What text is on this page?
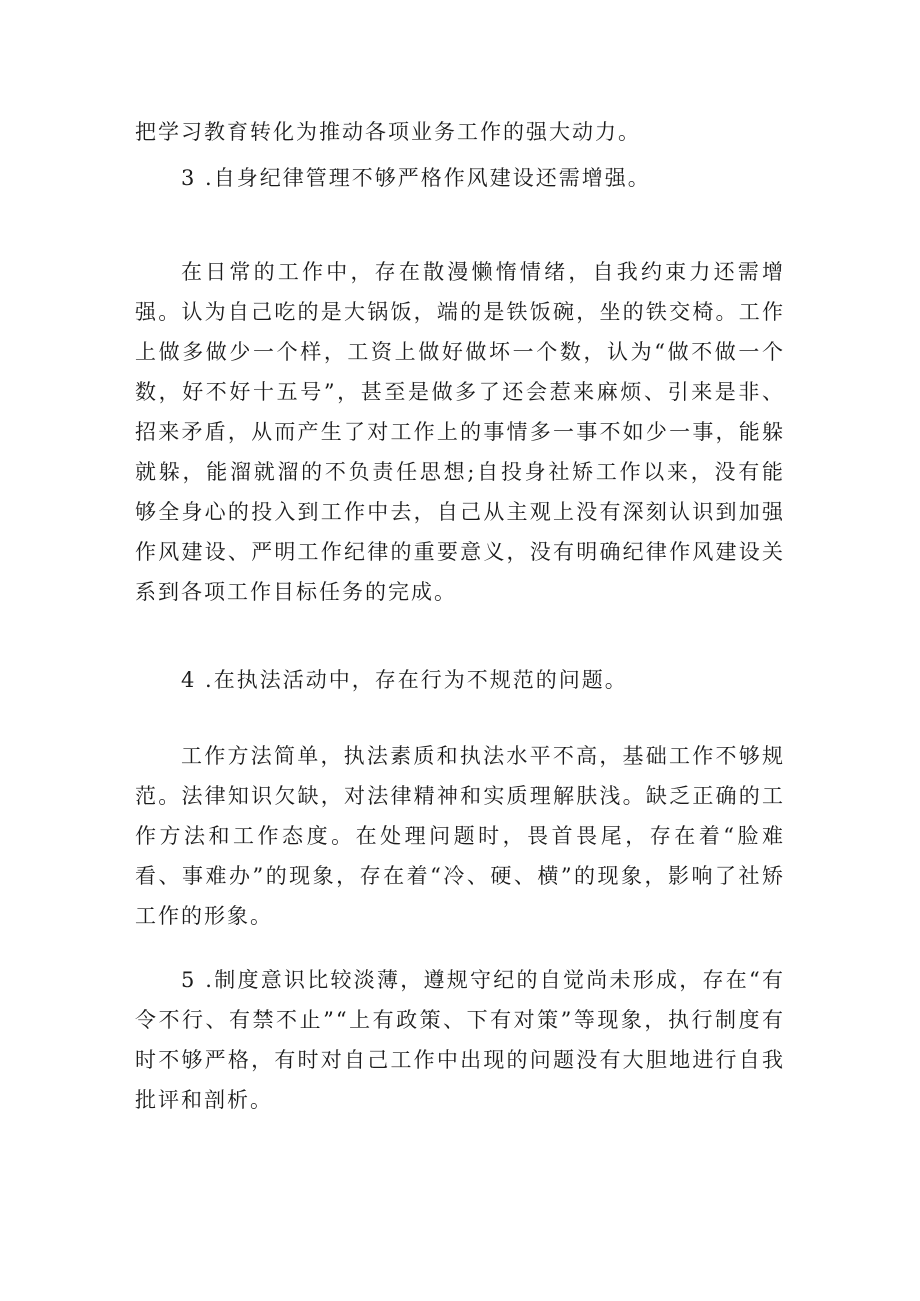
把学习教育转化为推动各项业务工作的强大动力。

3 .自身纪律管理不够严格作风建设还需增强。

在日常的工作中，存在散漫懒惰情绪，自我约束力还需增强。认为自己吃的是大锅饭，端的是铁饭碗，坐的铁交椅。工作上做多做少一个样，工资上做好做坏一个数，认为“做不做一个数，好不好十五号”，甚至是做多了还会惹来麻烦、引来是非、招来矛盾，从而产生了对工作上的事情多一事不如少一事，能躲就躲，能溜就溜的不负责任思想;自投身社矫工作以来，没有能够全身心的投入到工作中去，自己从主观上没有深刻认识到加强作风建设、严明工作纪律的重要意义，没有明确纪律作风建设关系到各项工作目标任务的完成。

4 .在执法活动中，存在行为不规范的问题。

工作方法简单，执法素质和执法水平不高，基础工作不够规范。法律知识欠缺，对法律精神和实质理解肤浅。缺乏正确的工作方法和工作态度。在处理问题时，畏首畏尾，存在着“脸难看、事难办”的现象，存在着“冷、硬、横”的现象，影响了社矫工作的形象。

5 .制度意识比较淡薄，遵规守纪的自觉尚未形成，存在“有令不行、有禁不止”“上有政策、下有对策”等现象，执行制度有时不够严格，有时对自己工作中出现的问题没有大胆地进行自我批评和剖析。
